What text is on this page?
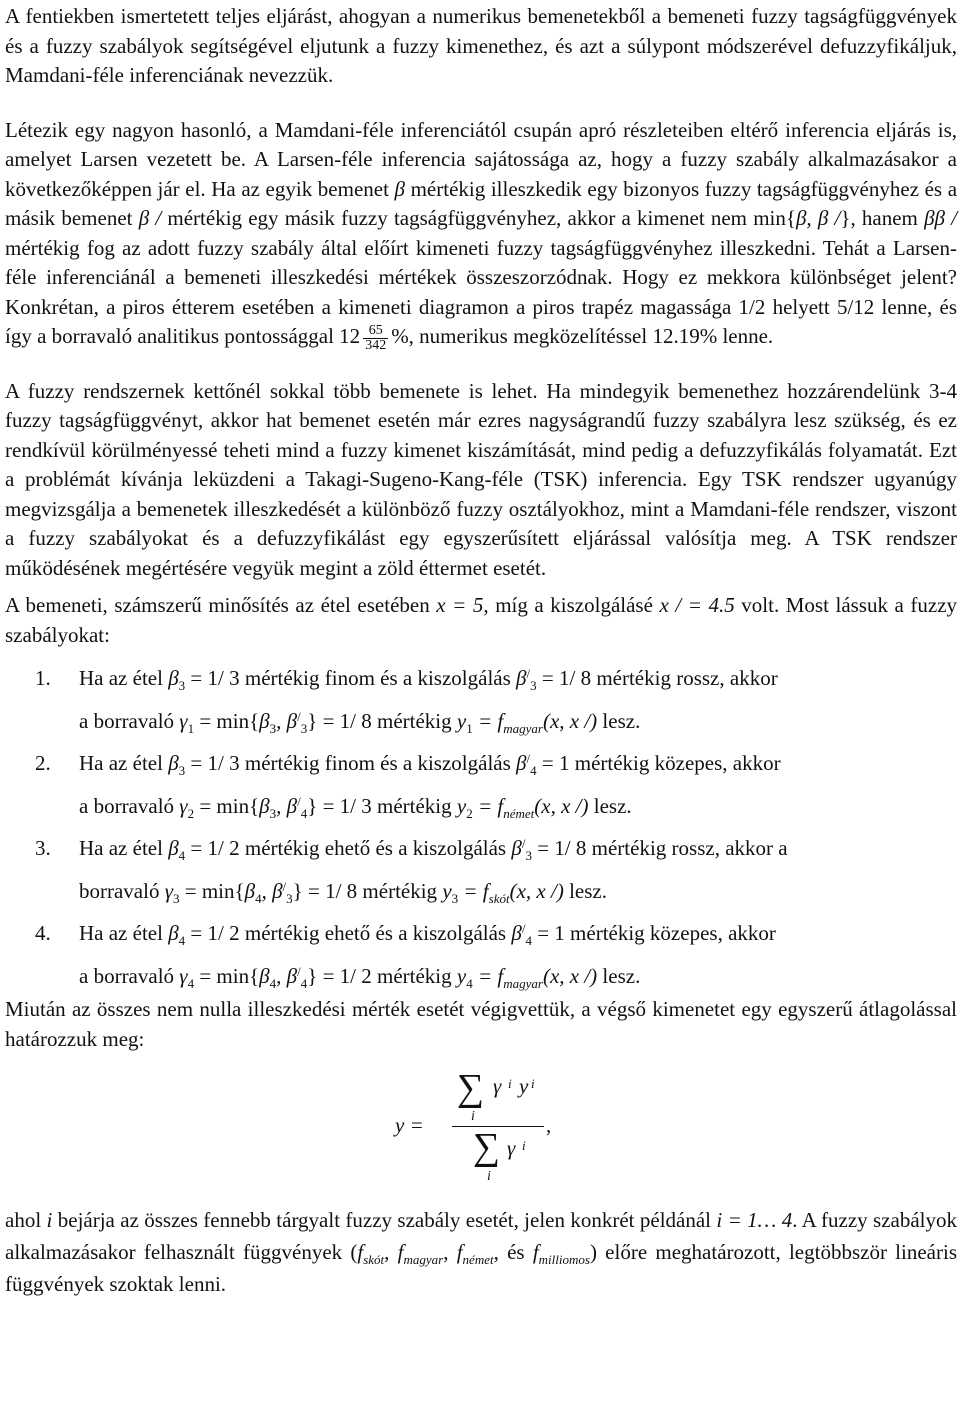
A fentiekben ismertetett teljes eljárást, ahogyan a numerikus bemenetekből a bemeneti fuzzy tagságfüggvények és a fuzzy szabályok segítségével eljutunk a fuzzy kimenethez, és azt a súlypont módszerével defuzzyfikáljuk, Mamdani-féle inferenciának nevezzük.

Létezik egy nagyon hasonló, a Mamdani-féle inferenciától csupán apró részleteiben eltérő inferencia eljárás is, amelyet Larsen vezetett be. A Larsen-féle inferencia sajátossága az, hogy a fuzzy szabály alkalmazásakor a következőképpen jár el. Ha az egyik bemenet β mértékig illeszkedik egy bizonyos fuzzy tagságfüggvényhez és a másik bemenet β / mértékig egy másik fuzzy tagságfüggvényhez, akkor a kimenet nem min{β, β /}, hanem ββ / mértékig fog az adott fuzzy szabály által előírt kimeneti fuzzy tagságfüggvényhez illeszkedni. Tehát a Larsen-féle inferenciánál a bemeneti illeszkedési mértékek összeszorzódnak. Hogy ez mekkora különbséget jelent? Konkrétan, a piros étterem esetében a kimeneti diagramon a piros trapéz magassága 1/2 helyett 5/12 lenne, és így a borravaló analitikus pontossággal $12 \frac{65}{342}$ %, numerikus megközelítéssel 12.19% lenne.

A fuzzy rendszernek kettőnél sokkal több bemenete is lehet. Ha mindegyik bemenethez hozzárendelünk 3-4 fuzzy tagságfüggvényt, akkor hat bemenet esetén már ezres nagyságrandű fuzzy szabályra lesz szükség, és ez rendkívül körülményessé teheti mind a fuzzy kimenet kiszámítását, mind pedig a defuzzyfikálás folyamatát. Ezt a problémát kívánja leküzdeni a Takagi-Sugeno-Kang-féle (TSK) inferencia. Egy TSK rendszer ugyanúgy megvizsgálja a bemenetek illeszkedését a különböző fuzzy osztályokhoz, mint a Mamdani-féle rendszer, viszont a fuzzy szabályokat és a defuzzyfikálást egy egyszerűsített eljárással valósítja meg. A TSK rendszer működésének megértésére vegyük megint a zöld éttermet esetét.

A bemeneti, számszerű minősítés az étel esetében x = 5, míg a kiszolgálásé x / = 4.5 volt. Most lássuk a fuzzy szabályokat:

1. Ha az étel $\beta_3 = 1/$ 3 mértékig finom és a kiszolgálás $\beta^/_3 = 1/$ 8 mértékig rossz, akkor
a borravaló $\gamma_1 = \min\{\beta_3$, $\beta^/_3\} = 1/$ 8 mértékig $y_1 = f_{magyar}(x$, x /) lesz.
2. Ha az étel $\beta_3 = 1/$ 3 mértékig finom és a kiszolgálás $\beta^/_4 = 1$ mértékig közepes, akkor
a borravaló $\gamma_2 = \min\{\beta_3$, $\beta^/_4\} = 1/$ 3 mértékig $y_2 = f_{német}(x$, x /) lesz.
3. Ha az étel $\beta_4 = 1/$ 2 mértékig ehető és a kiszolgálás $\beta^/_3 = 1/$ 8 mértékig rossz, akkor a
borravaló $\gamma_3 = \min\{\beta_4$, $\beta^/_3\} = 1/$ 8 mértékig $y_3 = f_{skót}(x$, x /) lesz.
4. Ha az étel $\beta_4 = 1/$ 2 mértékig ehető és a kiszolgálás $\beta^/_4 = 1$ mértékig közepes, akkor
a borravaló $\gamma_4 = \min\{\beta_4$, $\beta^/_4\} = 1/$ 2 mértékig $y_4 = f_{magyar}(x$, x /) lesz.

Miután az összes nem nulla illeszkedési mérték esetét végigvettük, a végső kimenetet egy egyszerű átlagolással határozzuk meg:

y =
∑ γ i y i
i	,
∑ γ i
i

ahol i bejárja az összes fennebb tárgyalt fuzzy szabály esetét, jelen konkrét példánál i = 1… 4. A fuzzy szabályok alkalmazásakor felhasznált függvények ($f_{skót}$, $f_{magyar}$, $f_{német}$, és $f_{milliomos}$) előre meghatározott, legtöbbször lineáris függvények szoktak lenni.
